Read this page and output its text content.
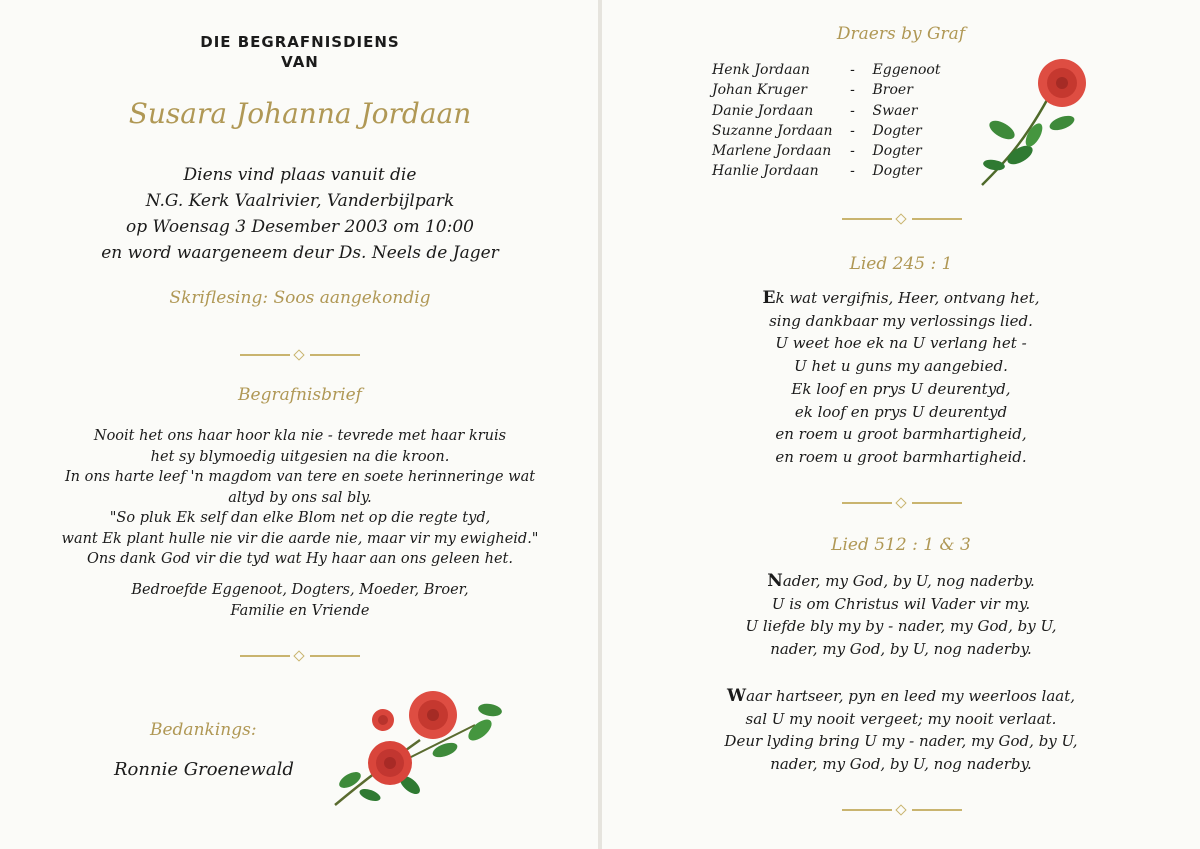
DIE BEGRAFNISDIENS
VAN
Susara Johanna Jordaan
Diens vind plaas vanuit die
N.G. Kerk Vaalrivier, Vanderbijlpark
op Woensag 3 Desember 2003 om 10:00
en word waargeneem deur Ds. Neels de Jager
Skriflesing: Soos aangekondig
Begrafnisbrief
Nooit het ons haar hoor kla nie - tevrede met haar kruis
het sy blymoedig uitgesien na die kroon.
In ons harte leef 'n magdom van tere en soete herinneringe wat
altyd by ons sal bly.
"So pluk Ek self dan elke Blom net op die regte tyd,
want Ek plant hulle nie vir die aarde nie, maar vir my ewigheid."
Ons dank God vir die tyd wat Hy haar aan ons geleen het.
Bedroefde Eggenoot, Dogters, Moeder, Broer,
Familie en Vriende
Bedankings:
Ronnie Groenewald
Draers by Graf
Henk Jordaan	-	Eggenoot
Johan Kruger	-	Broer
Danie Jordaan	-	Swaer
Suzanne Jordaan	-	Dogter
Marlene Jordaan	-	Dogter
Hanlie Jordaan	-	Dogter
Lied 245 : 1
Ek wat vergifnis, Heer, ontvang het,
sing dankbaar my verlossings lied.
U weet hoe ek na U verlang het -
U het u guns my aangebied.
Ek loof en prys U deurentyd,
ek loof en prys U deurentyd
en roem u groot barmhartigheid,
en roem u groot barmhartigheid.
Lied 512 : 1 & 3
Nader, my God, by U, nog naderby.
U is om Christus wil Vader vir my.
U liefde bly my by - nader, my God, by U,
nader, my God, by U, nog naderby.
Waar hartseer, pyn en leed my weerloos laat,
sal U my nooit vergeet; my nooit verlaat.
Deur lyding bring U my - nader, my God, by U,
nader, my God, by U, nog naderby.
